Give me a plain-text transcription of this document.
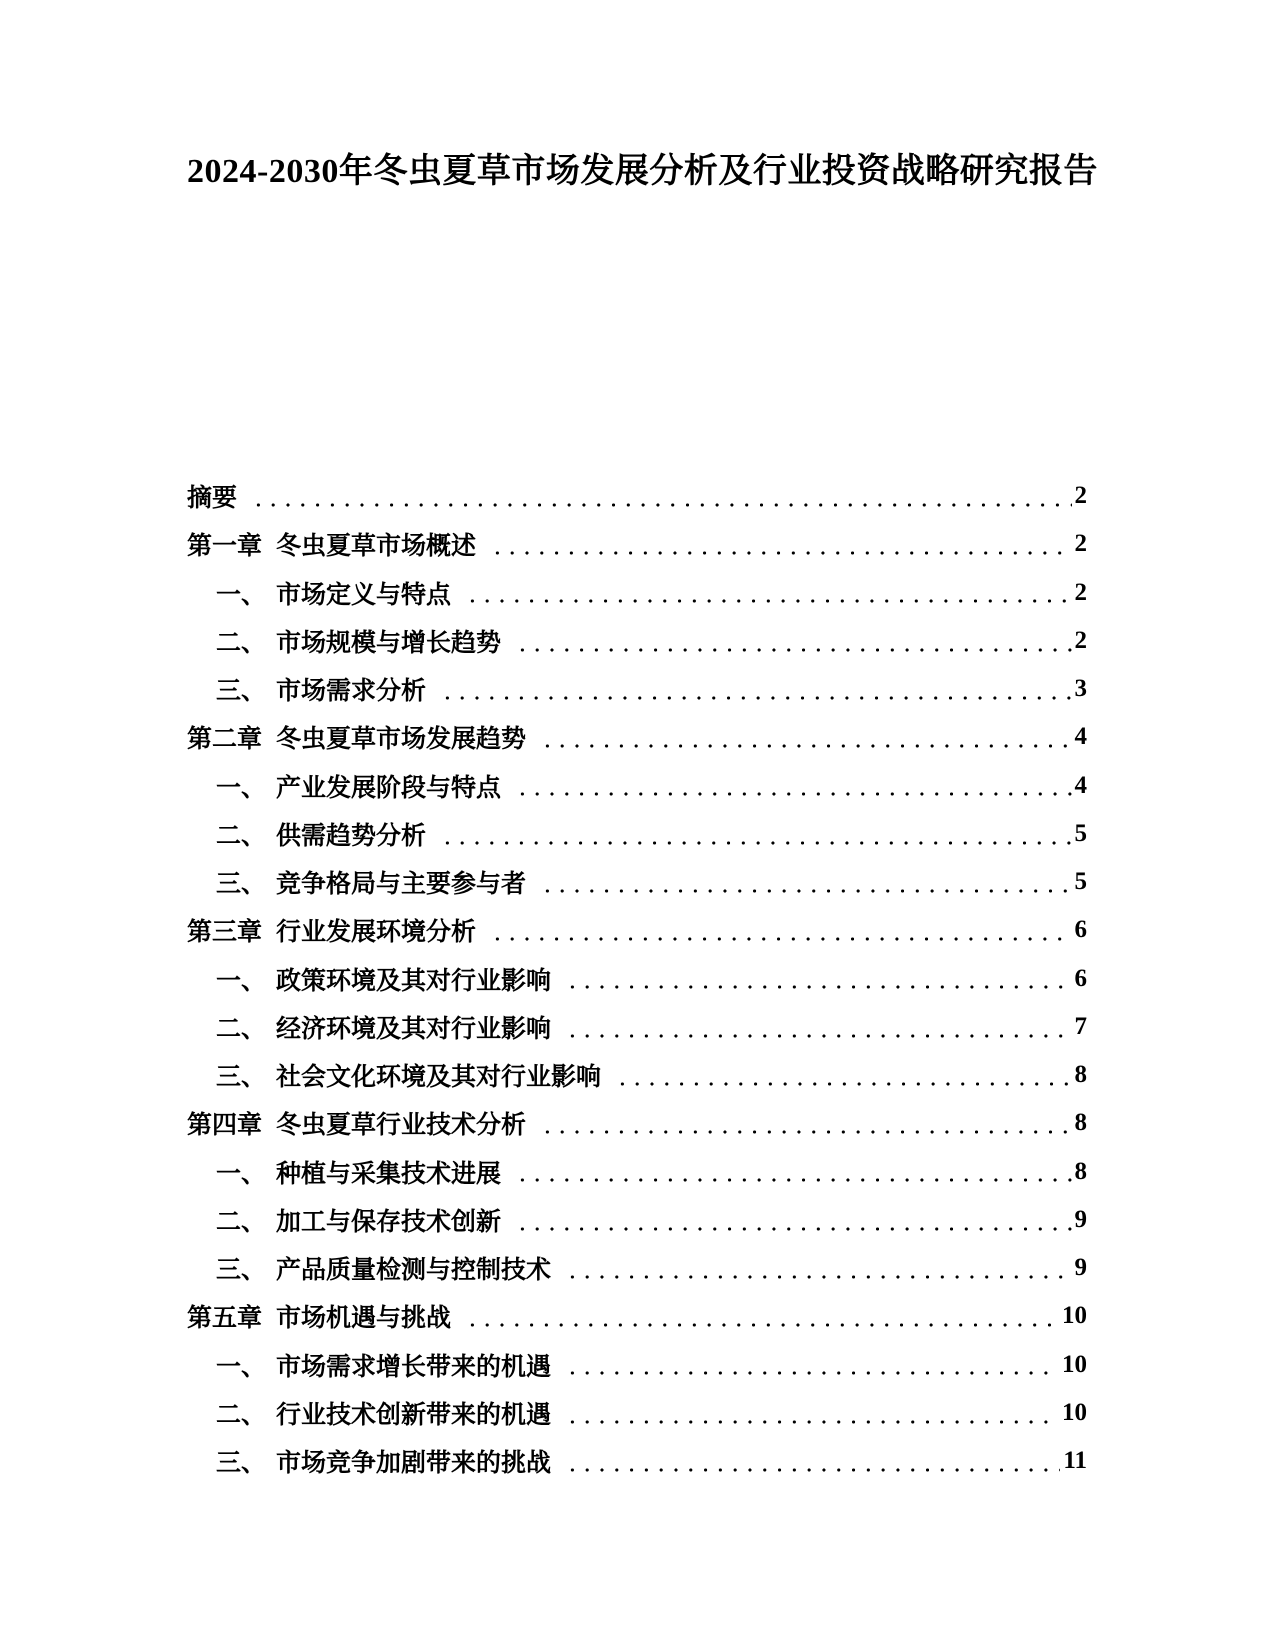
2024-2030年冬虫夏草市场发展分析及行业投资战略研究报告
摘要	2
第一章 冬虫夏草市场概述	2
一、 市场定义与特点	2
二、 市场规模与增长趋势	2
三、 市场需求分析	3
第二章 冬虫夏草市场发展趋势	4
一、 产业发展阶段与特点	4
二、 供需趋势分析	5
三、 竞争格局与主要参与者	5
第三章 行业发展环境分析	6
一、 政策环境及其对行业影响	6
二、 经济环境及其对行业影响	7
三、 社会文化环境及其对行业影响	8
第四章 冬虫夏草行业技术分析	8
一、 种植与采集技术进展	8
二、 加工与保存技术创新	9
三、 产品质量检测与控制技术	9
第五章 市场机遇与挑战	10
一、 市场需求增长带来的机遇	10
二、 行业技术创新带来的机遇	10
三、 市场竞争加剧带来的挑战	11
